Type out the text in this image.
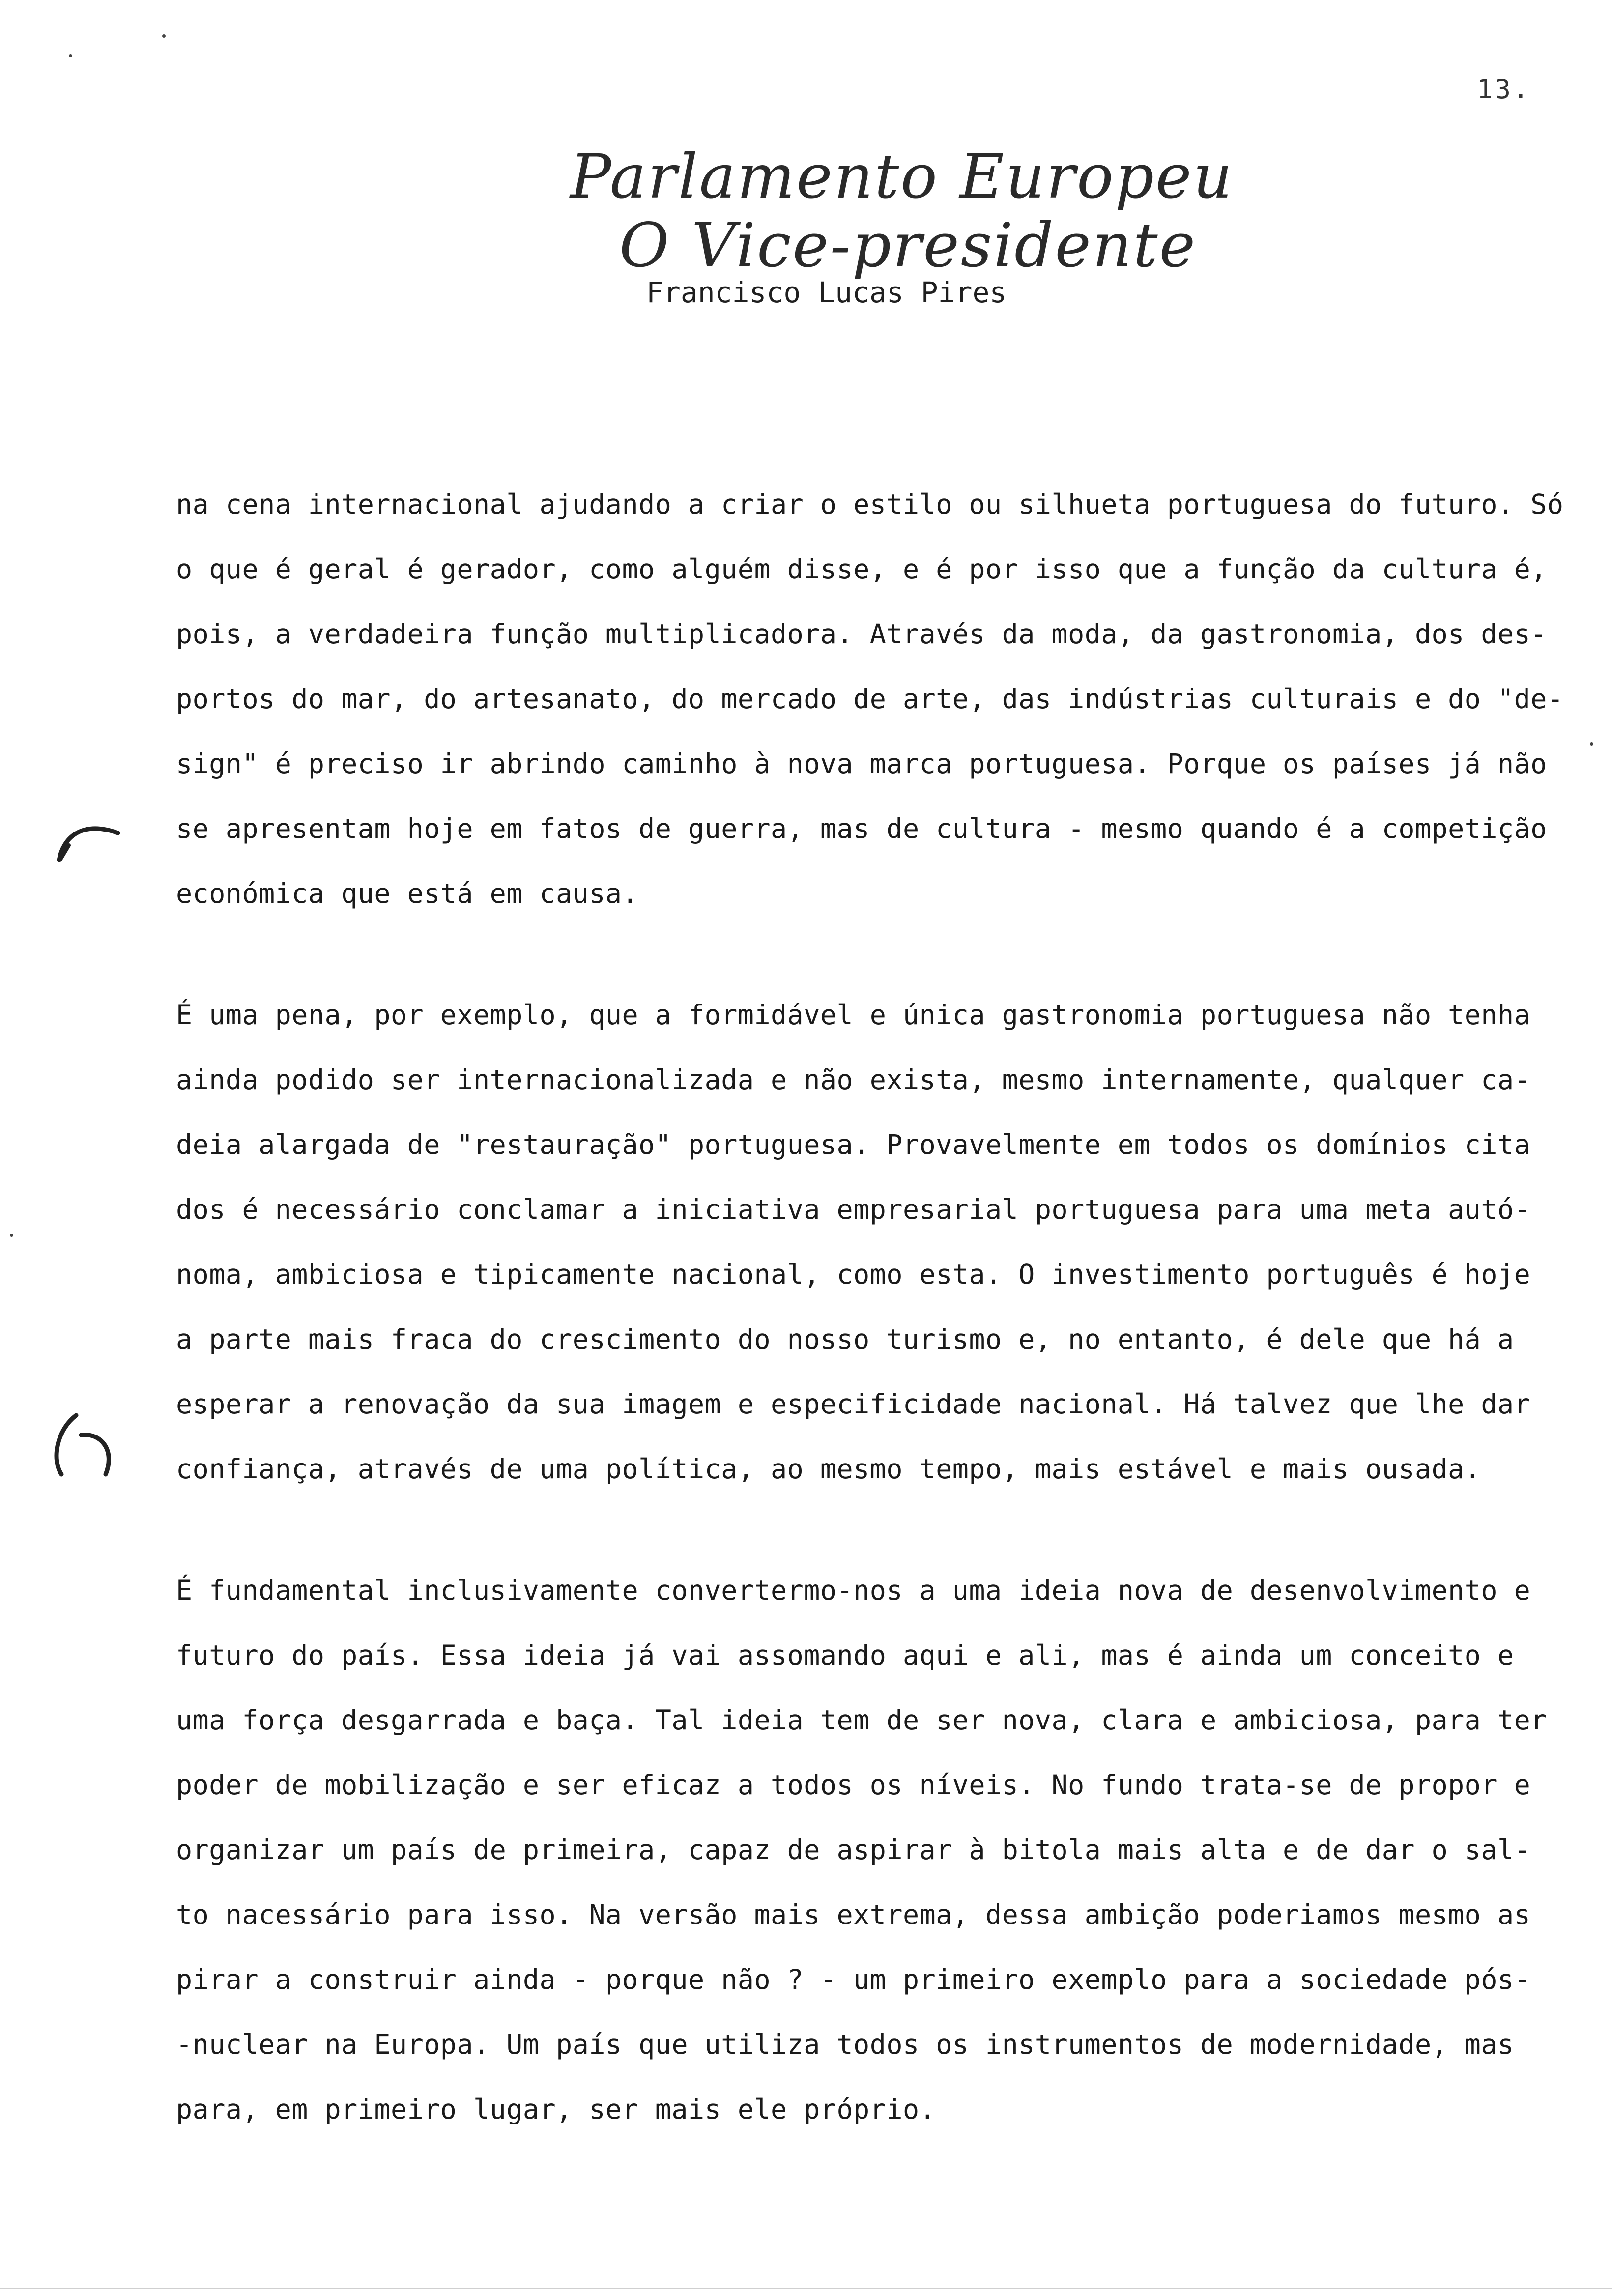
13.
Parlamento Europeu
O Vice-presidente
Francisco Lucas Pires
na cena internacional ajudando a criar o estilo ou silhueta portuguesa do futuro. Só
o que é geral é gerador, como alguém disse, e é por isso que a função da cultura é,
pois, a verdadeira função multiplicadora. Através da moda, da gastronomia, dos des-
portos do mar, do artesanato, do mercado de arte, das indústrias culturais e do "de-
sign" é preciso ir abrindo caminho à nova marca portuguesa. Porque os países já não
se apresentam hoje em fatos de guerra, mas de cultura - mesmo quando é a competição
económica que está em causa.
É uma pena, por exemplo, que a formidável e única gastronomia portuguesa não tenha
ainda podido ser internacionalizada e não exista, mesmo internamente, qualquer ca-
deia alargada de "restauração" portuguesa. Provavelmente em todos os domínios cita
dos é necessário conclamar a iniciativa empresarial portuguesa para uma meta autó-
noma, ambiciosa e tipicamente nacional, como esta. O investimento português é hoje
a parte mais fraca do crescimento do nosso turismo e, no entanto, é dele que há a
esperar a renovação da sua imagem e especificidade nacional. Há talvez que lhe dar
confiança, através de uma política, ao mesmo tempo, mais estável e mais ousada.
É fundamental inclusivamente convertermo-nos a uma ideia nova de desenvolvimento e
futuro do país. Essa ideia já vai assomando aqui e ali, mas é ainda um conceito e
uma força desgarrada e baça. Tal ideia tem de ser nova, clara e ambiciosa, para ter
poder de mobilização e ser eficaz a todos os níveis. No fundo trata-se de propor e
organizar um país de primeira, capaz de aspirar à bitola mais alta e de dar o sal-
to nacessário para isso. Na versão mais extrema, dessa ambição poderiamos mesmo as
pirar a construir ainda - porque não ? - um primeiro exemplo para a sociedade pós-
-nuclear na Europa. Um país que utiliza todos os instrumentos de modernidade, mas
para, em primeiro lugar, ser mais ele próprio.
